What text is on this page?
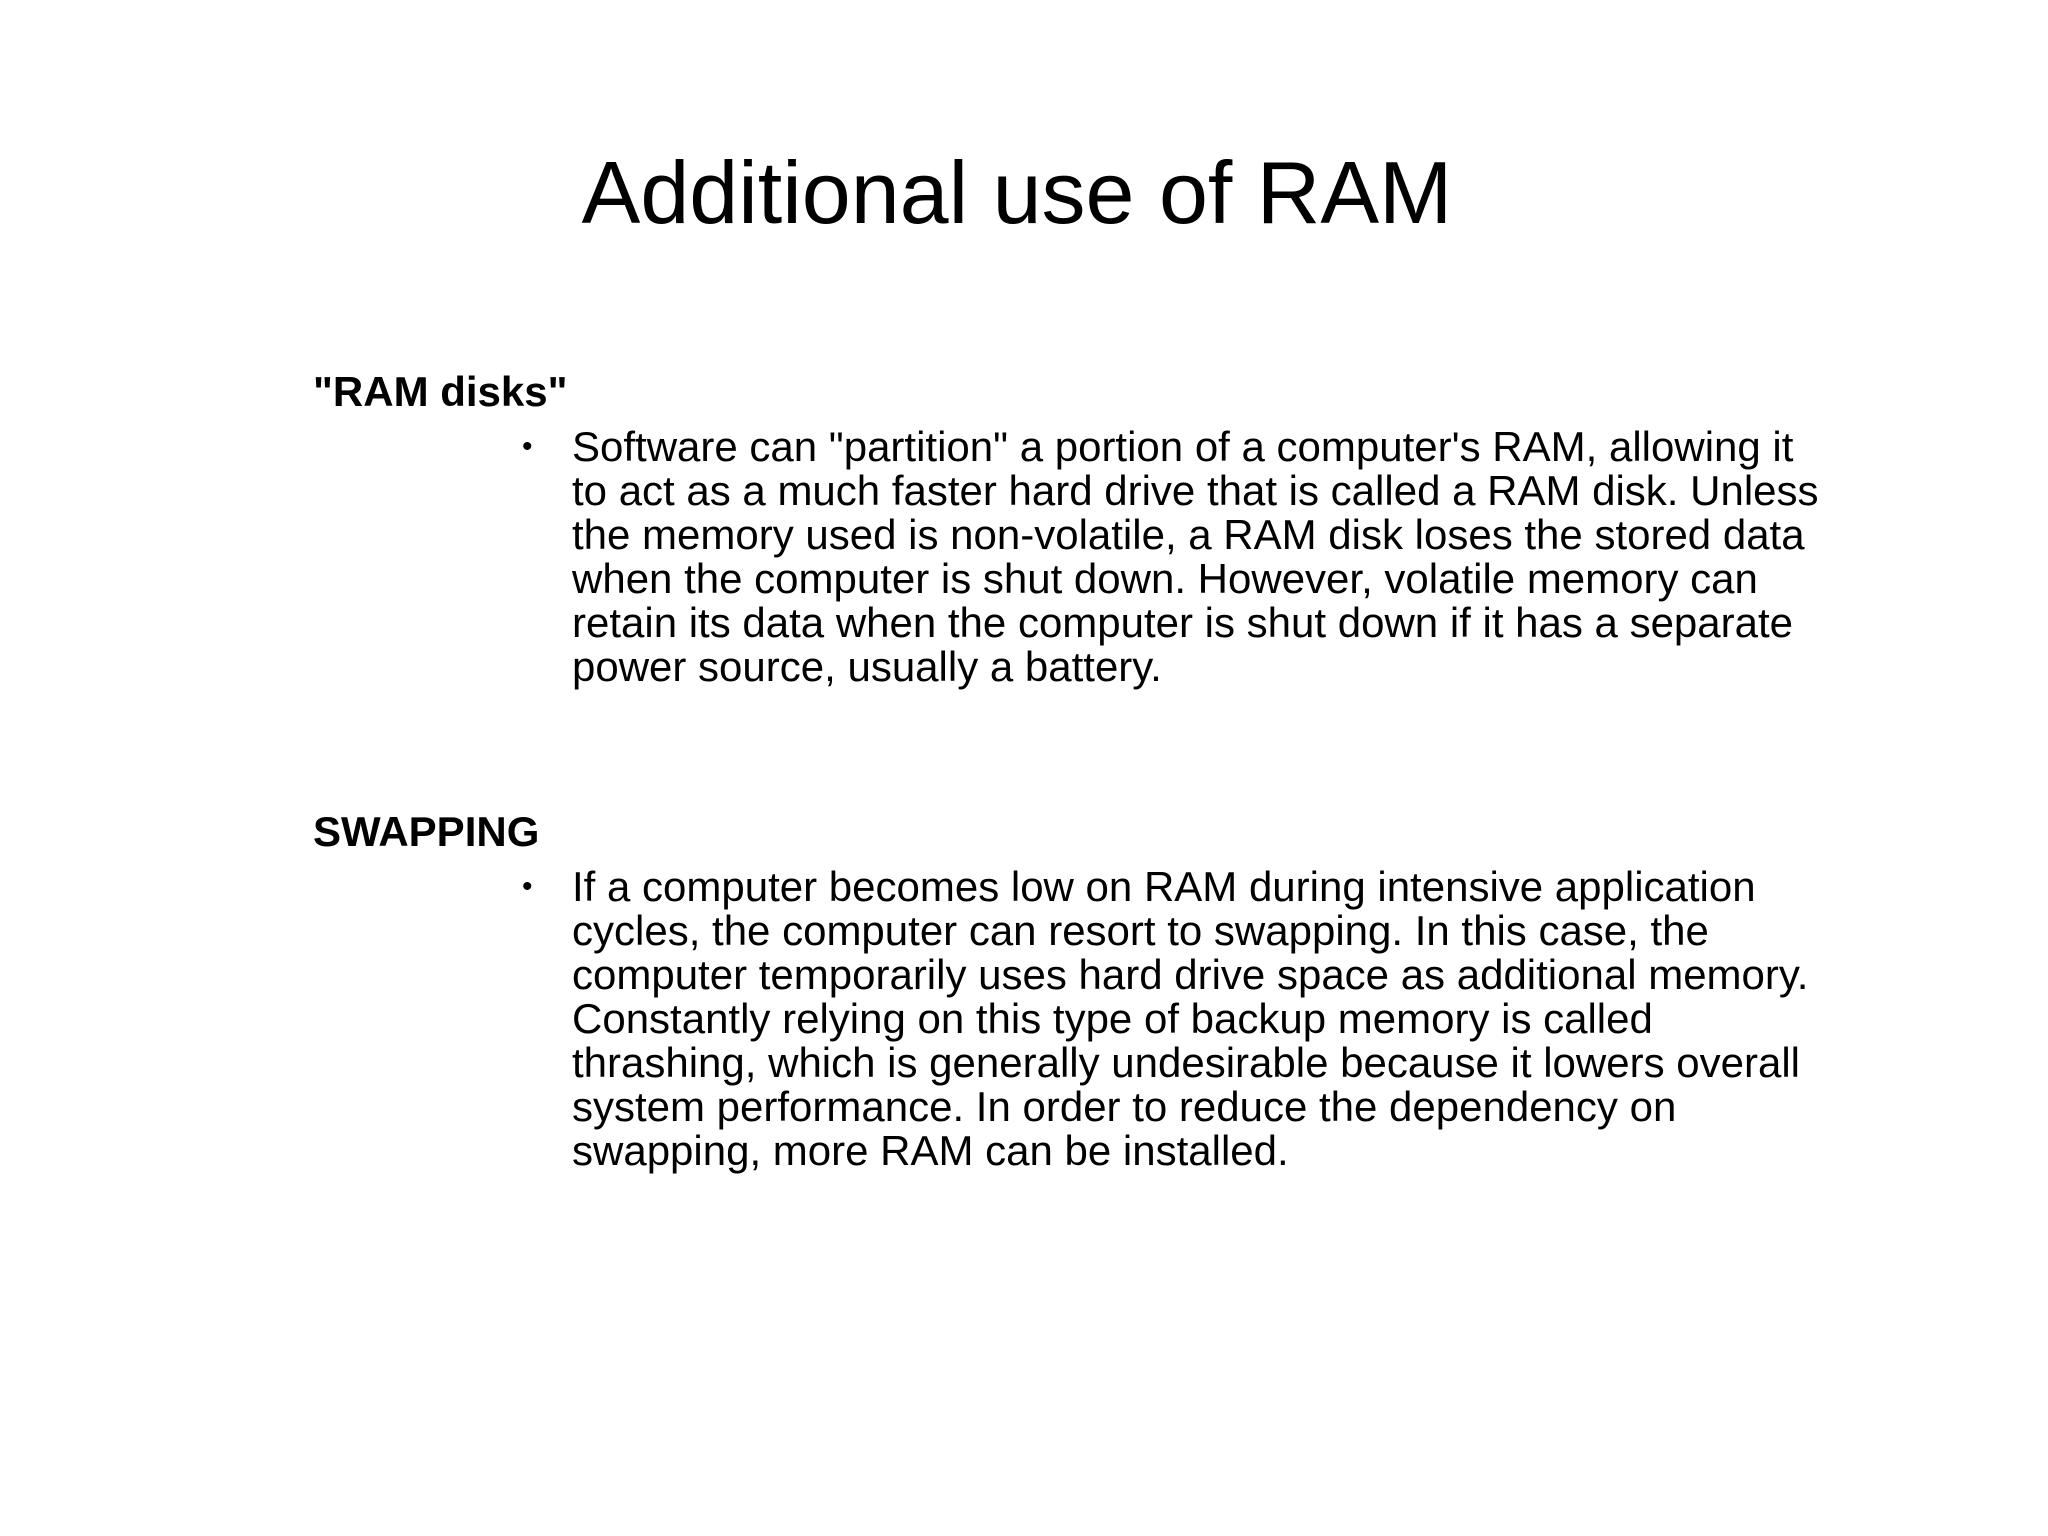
Additional use of RAM
"RAM disks"
• Software can "partition" a portion of a computer's RAM, allowing it
to act as a much faster hard drive that is called a RAM disk. Unless
the memory used is non-volatile, a RAM disk loses the stored data
when the computer is shut down. However, volatile memory can
retain its data when the computer is shut down if it has a separate
power source, usually a battery.

SWAPPING
• If a computer becomes low on RAM during intensive application
cycles, the computer can resort to swapping. In this case, the
computer temporarily uses hard drive space as additional memory.
Constantly relying on this type of backup memory is called
thrashing, which is generally undesirable because it lowers overall
system performance. In order to reduce the dependency on
swapping, more RAM can be installed.
